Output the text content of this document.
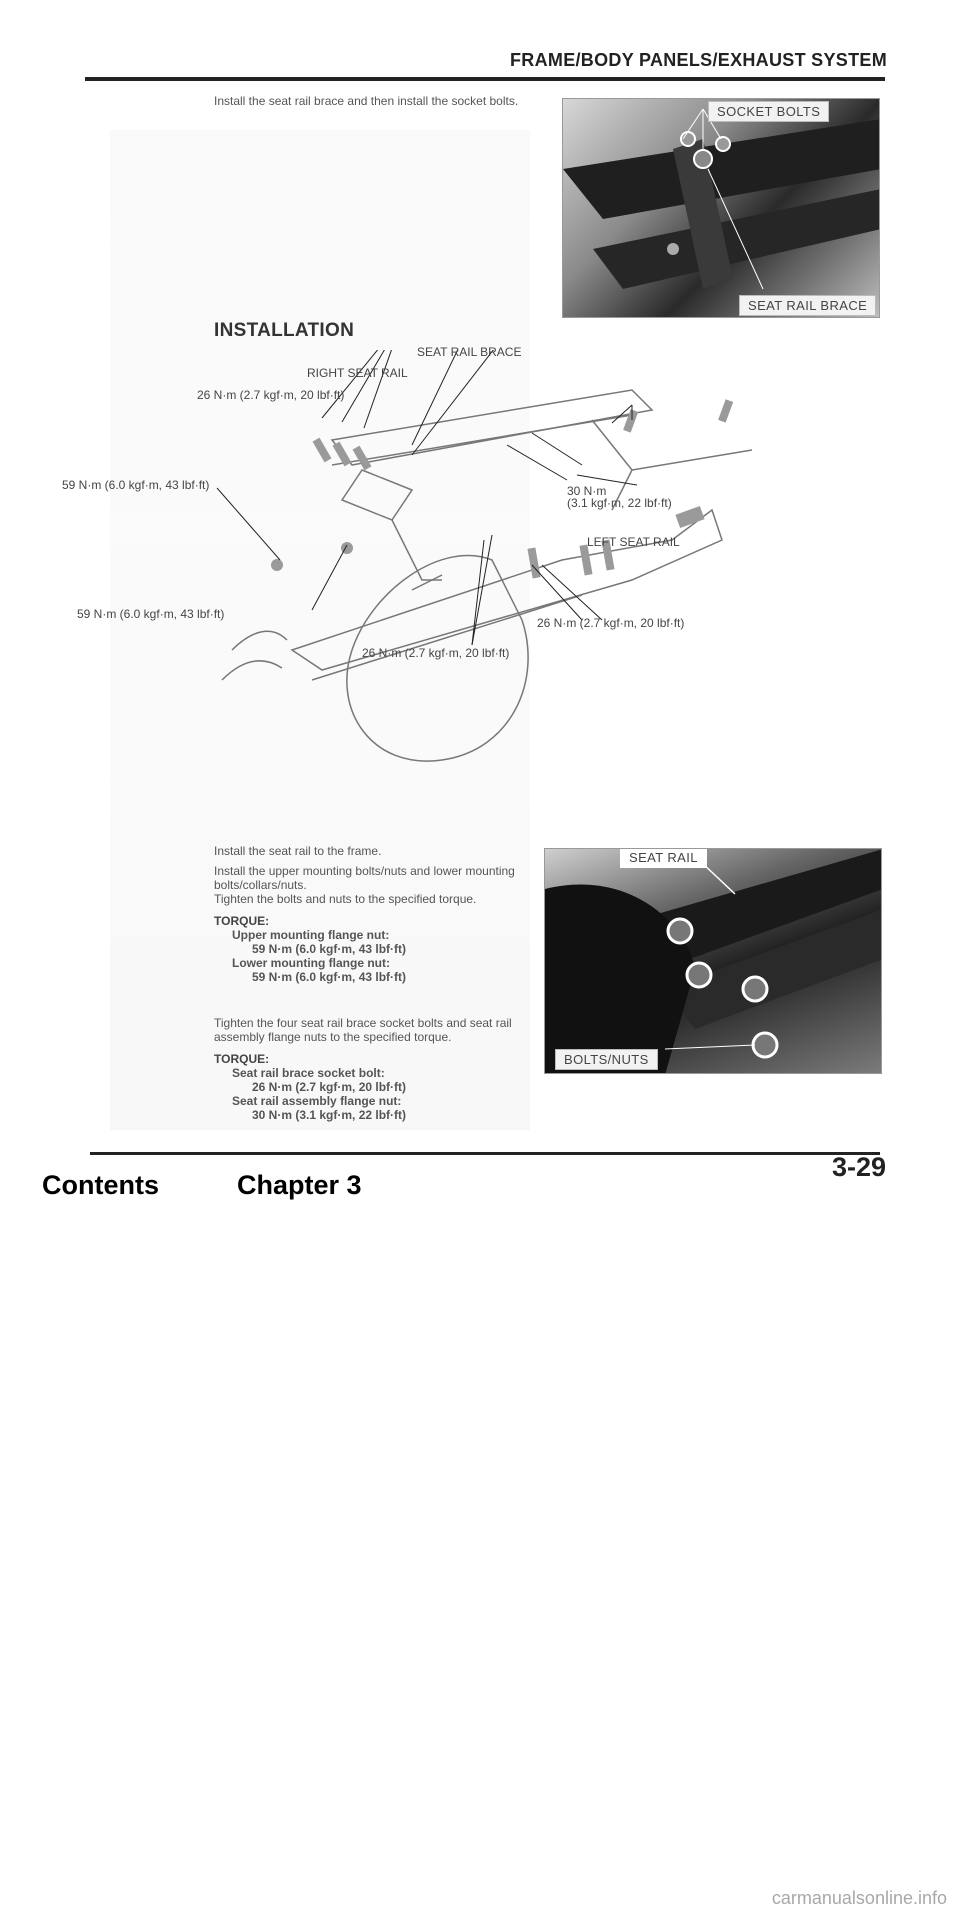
FRAME/BODY PANELS/EXHAUST SYSTEM
Install the seat rail brace and then install the socket bolts.
SOCKET BOLTS
SEAT RAIL BRACE
INSTALLATION
SEAT RAIL BRACE
RIGHT SEAT RAIL
26 N·m (2.7 kgf·m, 20 lbf·ft)
59 N·m (6.0 kgf·m, 43 lbf·ft)	30 N·m
(3.1 kgf·m, 22 lbf·ft)
LEFT SEAT RAIL
59 N·m (6.0 kgf·m, 43 lbf·ft)
26 N·m (2.7 kgf·m, 20 lbf·ft)
26 N·m (2.7 kgf·m, 20 lbf·ft)
Install the seat rail to the frame.
Install the upper mounting bolts/nuts and lower mounting bolts/collars/nuts.
Tighten the bolts and nuts to the specified torque.
TORQUE:
Upper mounting flange nut:
59 N·m (6.0 kgf·m, 43 lbf·ft)
Lower mounting flange nut:
59 N·m (6.0 kgf·m, 43 lbf·ft)
Tighten the four seat rail brace socket bolts and seat rail assembly flange nuts to the specified torque.
TORQUE:
Seat rail brace socket bolt:
26 N·m (2.7 kgf·m, 20 lbf·ft)
Seat rail assembly flange nut:
30 N·m (3.1 kgf·m, 22 lbf·ft)
SEAT RAIL
BOLTS/NUTS
3-29
Contents	Chapter 3
carmanualsonline.info
